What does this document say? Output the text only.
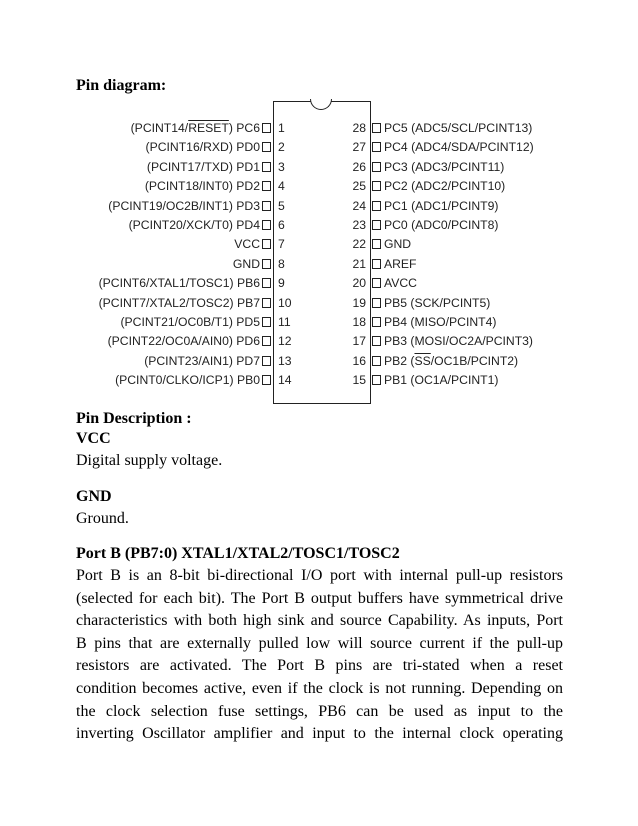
Pin diagram:
(PCINT14/RESET) PC6 1
(PCINT16/RXD) PD0 2
(PCINT17/TXD) PD1 3
(PCINT18/INT0) PD2 4
(PCINT19/OC2B/INT1) PD3 5
(PCINT20/XCK/T0) PD4 6
VCC 7
GND 8
(PCINT6/XTAL1/TOSC1) PB6 9
(PCINT7/XTAL2/TOSC2) PB7 10
(PCINT21/OC0B/T1) PD5 11
(PCINT22/OC0A/AIN0) PD6 12
(PCINT23/AIN1) PD7 13
(PCINT0/CLKO/ICP1) PB0 14
28 PC5 (ADC5/SCL/PCINT13)
27 PC4 (ADC4/SDA/PCINT12)
26 PC3 (ADC3/PCINT11)
25 PC2 (ADC2/PCINT10)
24 PC1 (ADC1/PCINT9)
23 PC0 (ADC0/PCINT8)
22 GND
21 AREF
20 AVCC
19 PB5 (SCK/PCINT5)
18 PB4 (MISO/PCINT4)
17 PB3 (MOSI/OC2A/PCINT3)
16 PB2 $(\overline{SS}/OC1B/PCINT2)$
15 PB1 (OC1A/PCINT1)
Pin Description :
VCC
Digital supply voltage.
GND
Ground.
Port B (PB7:0) XTAL1/XTAL2/TOSC1/TOSC2
Port B is an 8-bit bi-directional I/O port with internal pull-up resistors
(selected for each bit). The Port B output buffers have symmetrical drive
characteristics with both high sink and source Capability. As inputs, Port
B pins that are externally pulled low will source current if the pull-up
resistors are activated. The Port B pins are tri-stated when a reset
condition becomes active, even if the clock is not running. Depending on
the clock selection fuse settings, PB6 can be used as input to the
inverting Oscillator amplifier and input to the internal clock operating
